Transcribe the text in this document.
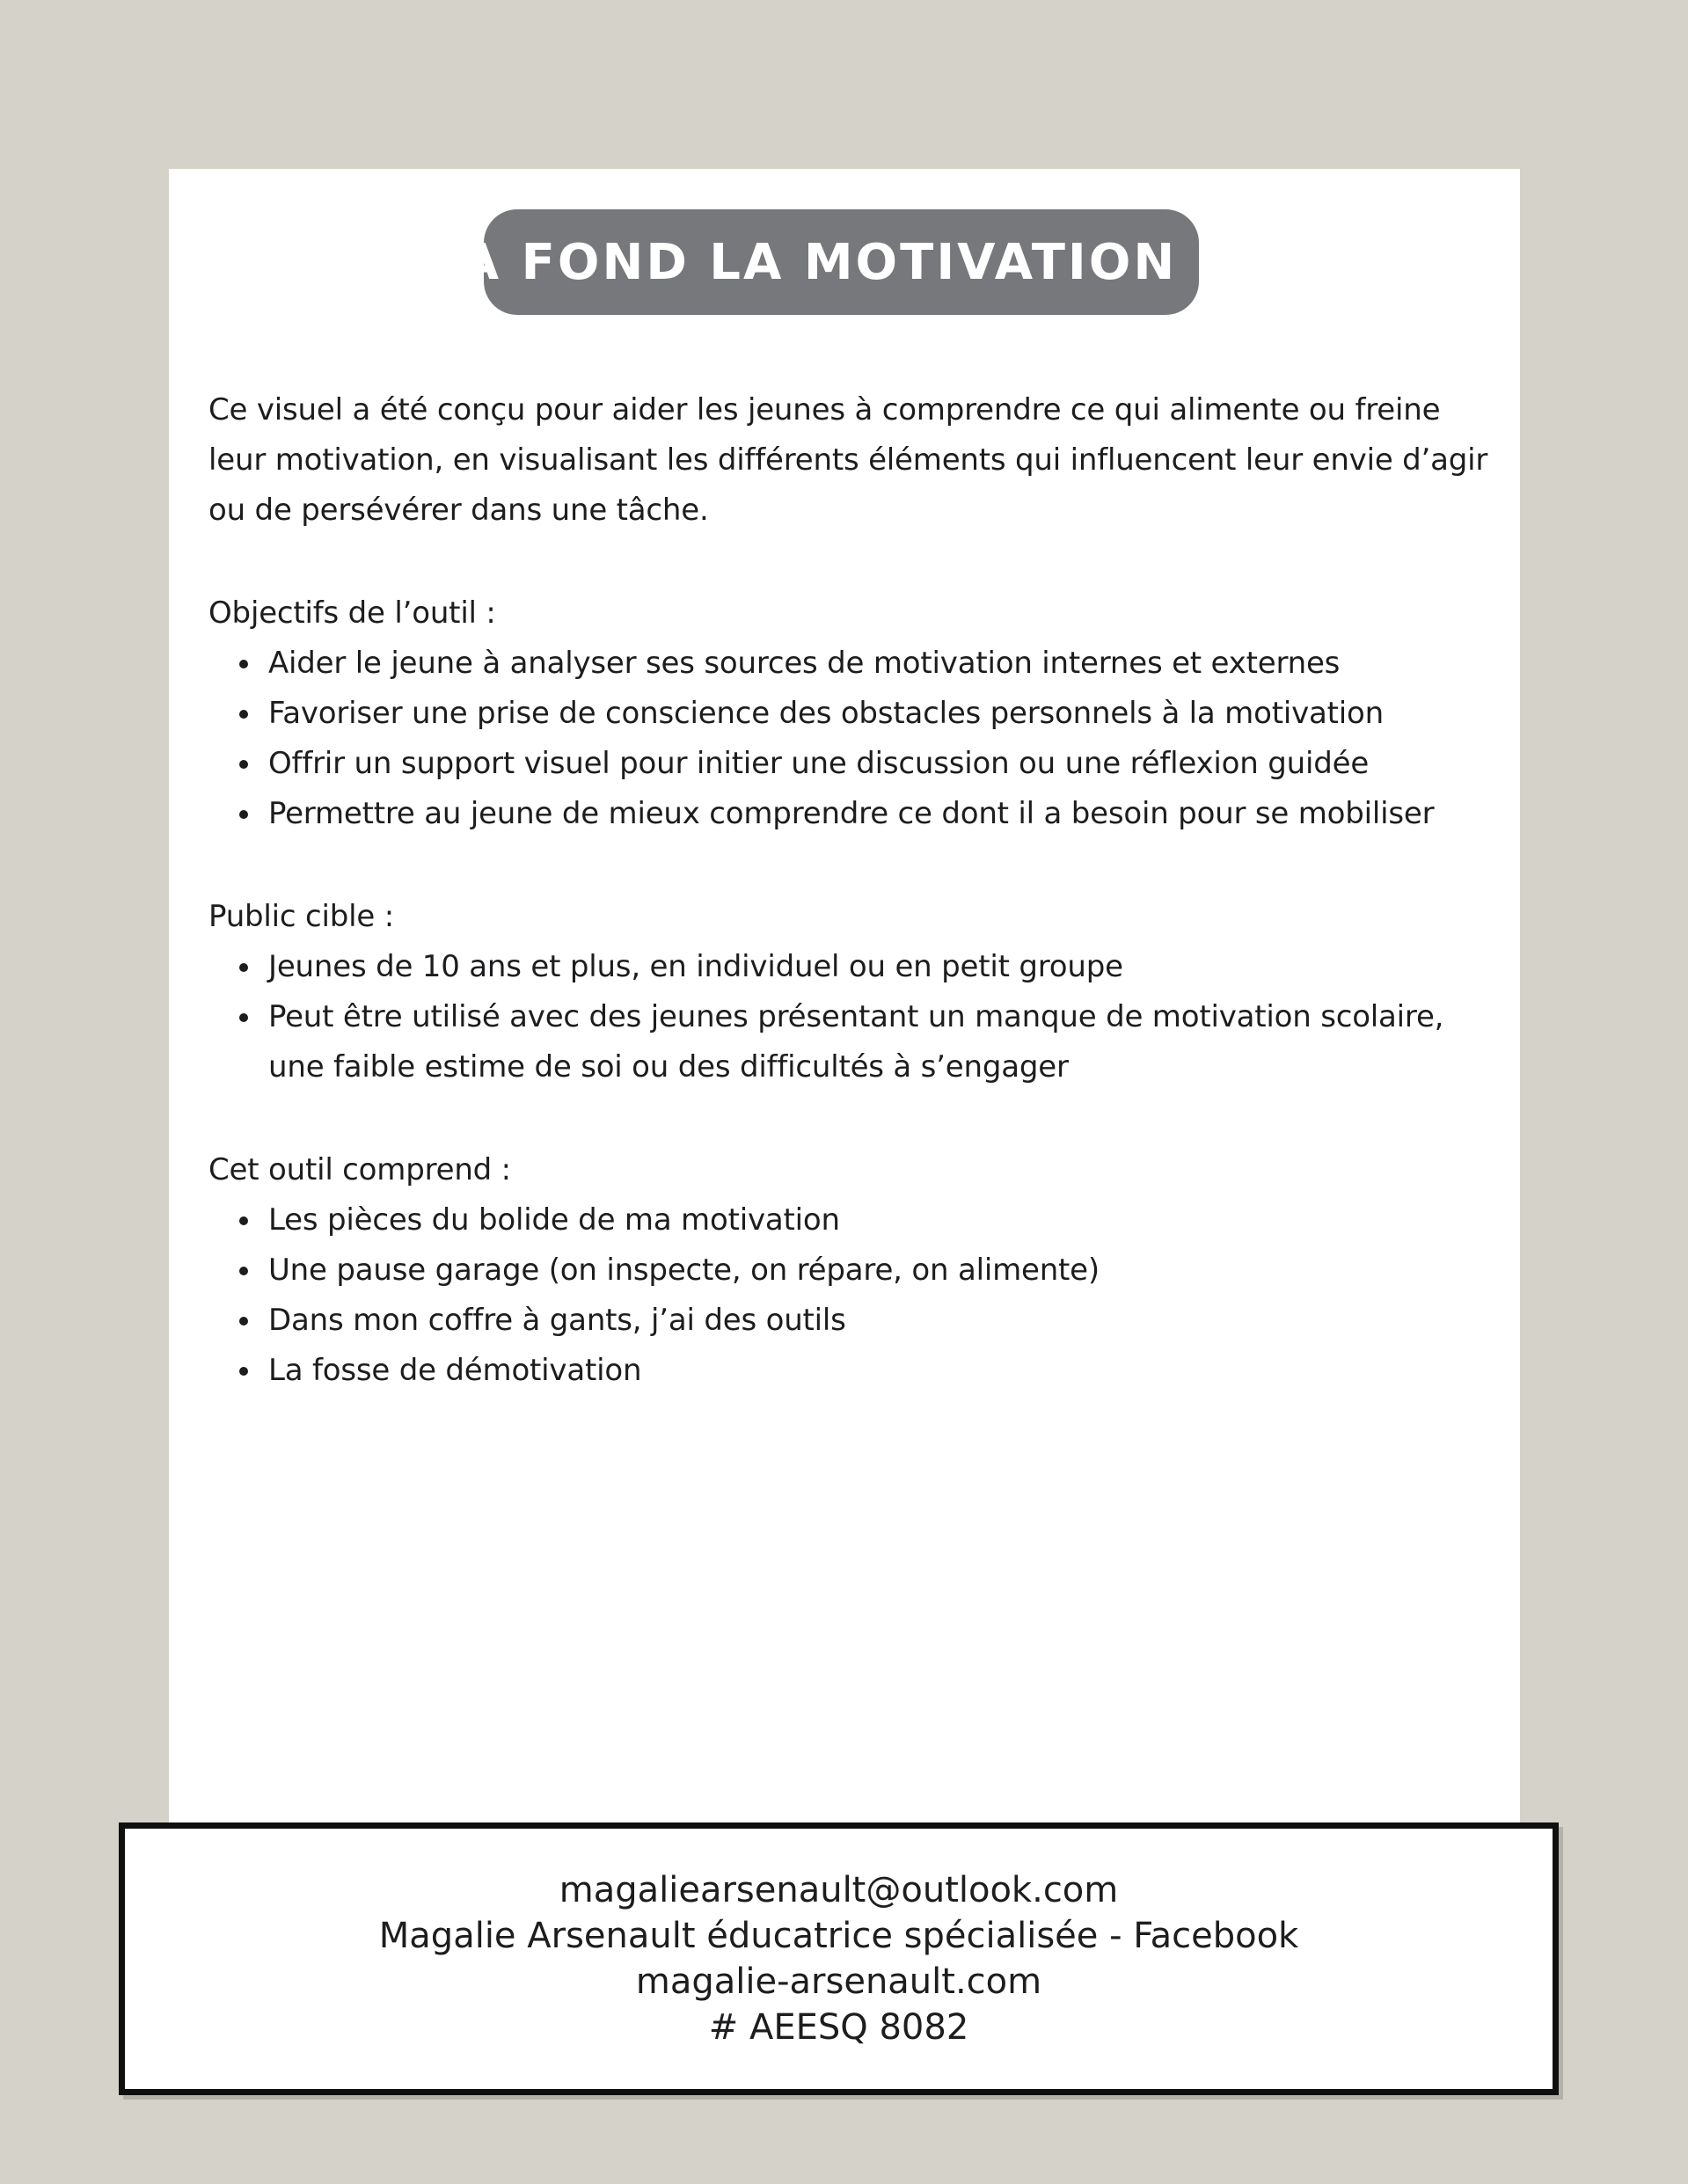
À FOND LA MOTIVATION !

Ce visuel a été conçu pour aider les jeunes à comprendre ce qui alimente ou freine leur motivation, en visualisant les différents éléments qui influencent leur envie d’agir ou de persévérer dans une tâche.

Objectifs de l’outil :

• Aider le jeune à analyser ses sources de motivation internes et externes
• Favoriser une prise de conscience des obstacles personnels à la motivation
• Offrir un support visuel pour initier une discussion ou une réflexion guidée
• Permettre au jeune de mieux comprendre ce dont il a besoin pour se mobiliser

Public cible :

• Jeunes de 10 ans et plus, en individuel ou en petit groupe
• Peut être utilisé avec des jeunes présentant un manque de motivation scolaire, une faible estime de soi ou des difficultés à s’engager

Cet outil comprend :

• Les pièces du bolide de ma motivation
• Une pause garage (on inspecte, on répare, on alimente)
• Dans mon coffre à gants, j’ai des outils
• La fosse de démotivation
magaliearsenault@outlook.com
Magalie Arsenault éducatrice spécialisée - Facebook
magalie-arsenault.com
# AEESQ 8082
